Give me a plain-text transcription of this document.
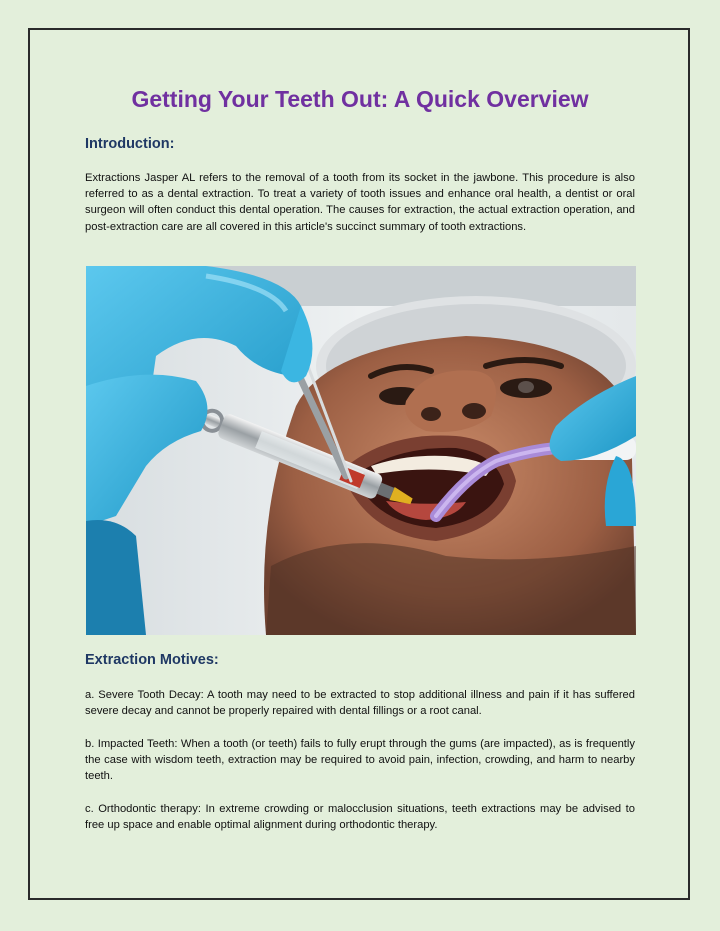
Getting Your Teeth Out: A Quick Overview
Introduction:

Extractions Jasper AL refers to the removal of a tooth from its socket in the jawbone. This procedure is also referred to as a dental extraction. To treat a variety of tooth issues and enhance oral health, a dentist or oral surgeon will often conduct this dental operation. The causes for extraction, the actual extraction operation, and post-extraction care are all covered in this article's succinct summary of tooth extractions.

Extraction Motives:

a. Severe Tooth Decay: A tooth may need to be extracted to stop additional illness and pain if it has suffered severe decay and cannot be properly repaired with dental fillings or a root canal.

b. Impacted Teeth: When a tooth (or teeth) fails to fully erupt through the gums (are impacted), as is frequently the case with wisdom teeth, extraction may be required to avoid pain, infection, crowding, and harm to nearby teeth.

c. Orthodontic therapy: In extreme crowding or malocclusion situations, teeth extractions may be advised to free up space and enable optimal alignment during orthodontic therapy.
